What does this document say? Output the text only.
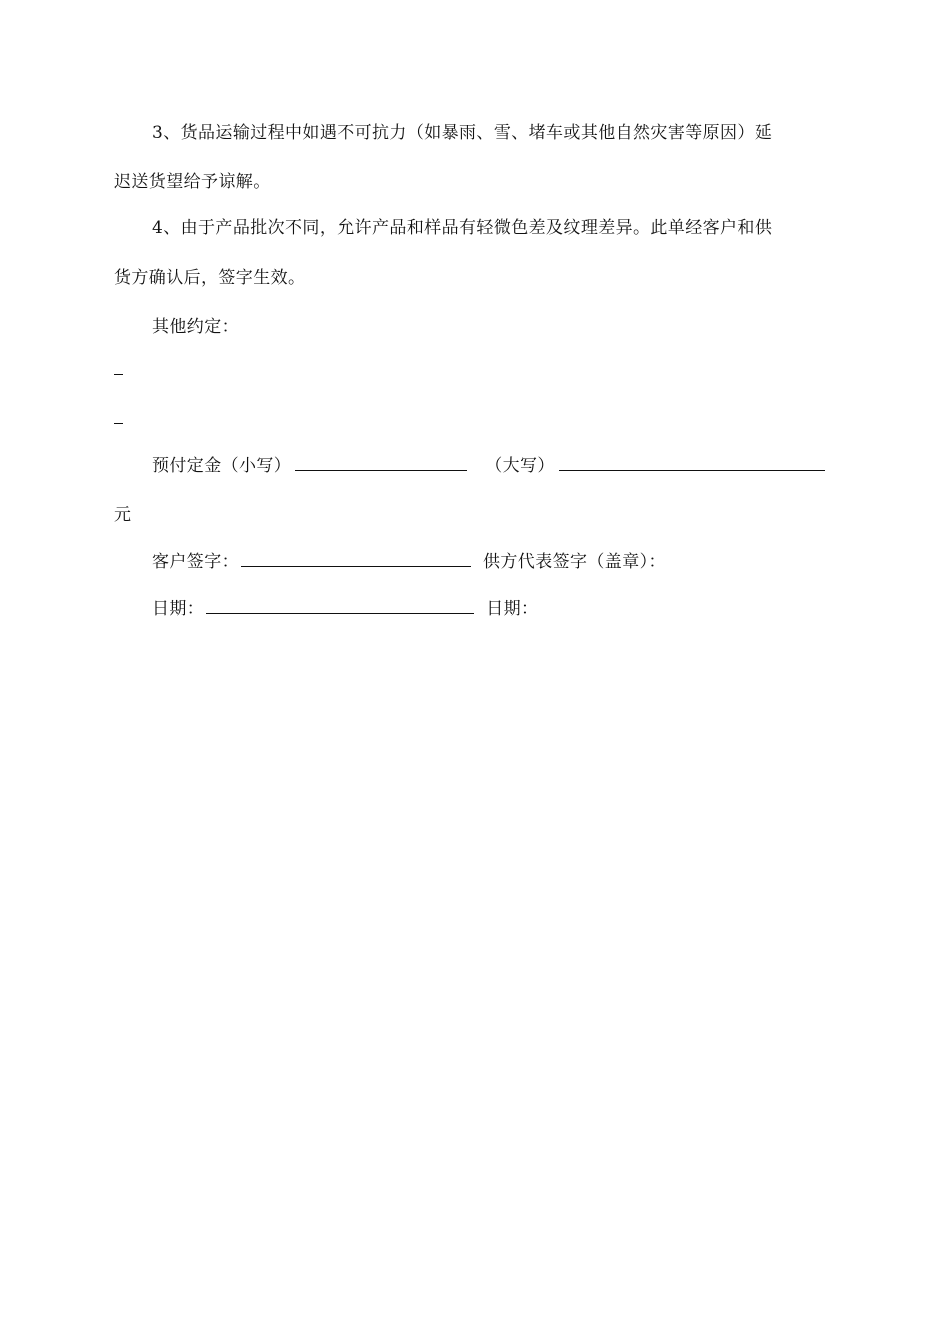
3、货品运输过程中如遇不可抗力（如暴雨、雪、堵车或其他自然灾害等原因）延
迟送货望给予谅解。
4、由于产品批次不同，允许产品和样品有轻微色差及纹理差异。此单经客户和供
货方确认后，签字生效。
其他约定：
预付定金（小写）	（大写）
元
客户签字：	供方代表签字（盖章）：
日期：	日期：
